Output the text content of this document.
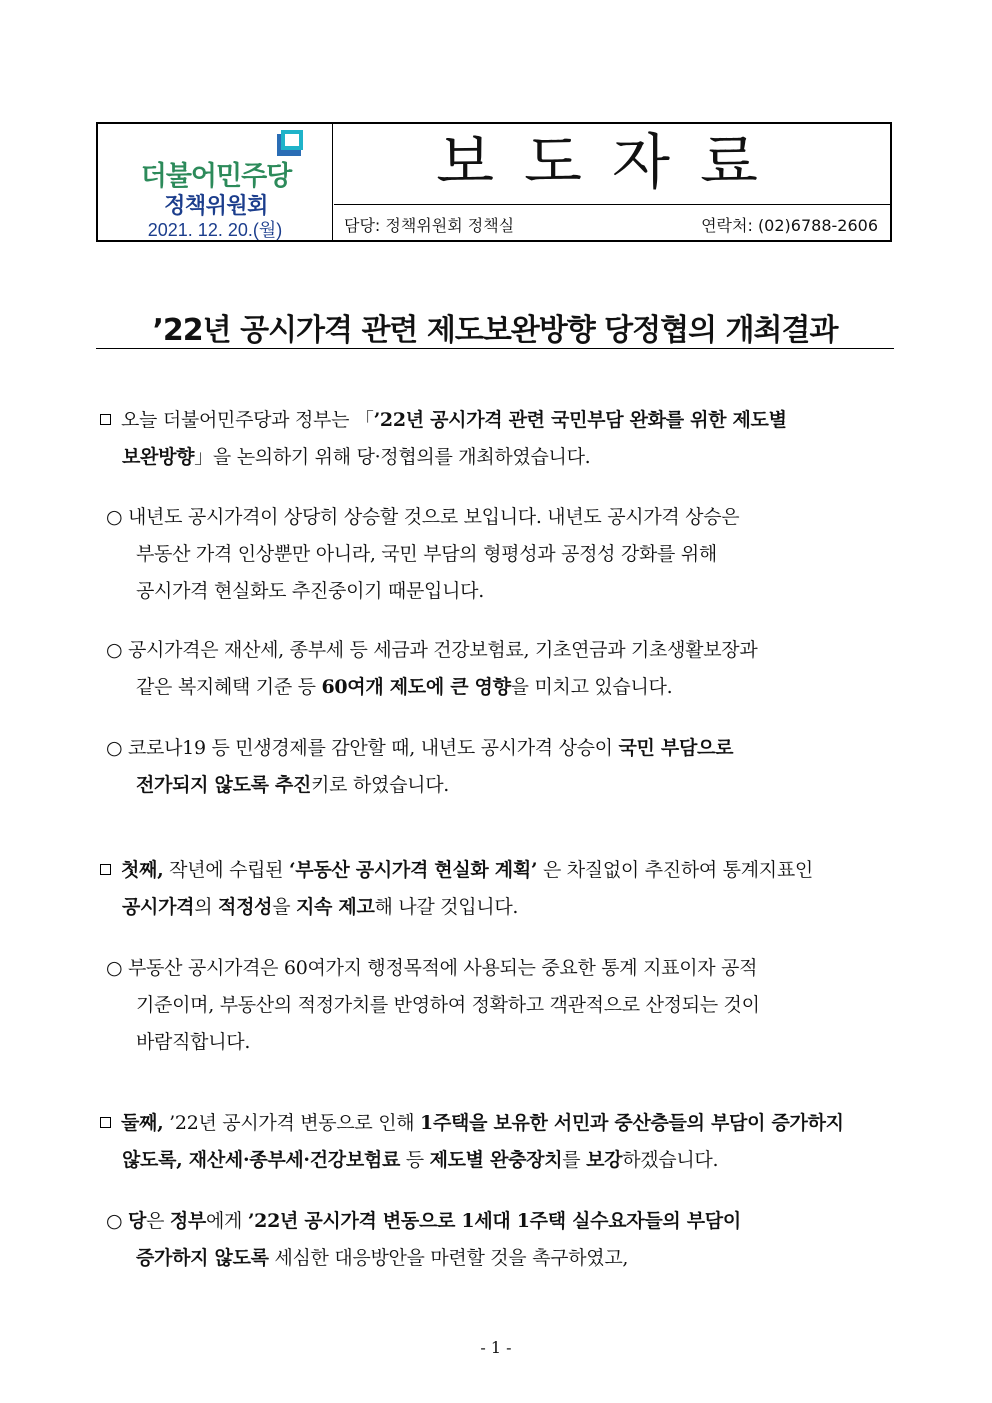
더불어민주당
정책위원회
2021. 12. 20.(월)
보도자료
담당: 정책위원회 정책실	연락처: (02)6788-2606
’22년 공시가격 관련 제도보완방향 당정협의 개최결과
오늘 더불어민주당과 정부는 「’22년 공시가격 관련 국민부담 완화를 위한 제도별
보완방향」을 논의하기 위해 당·정협의를 개최하였습니다.
○ 내년도 공시가격이 상당히 상승할 것으로 보입니다. 내년도 공시가격 상승은
부동산 가격 인상뿐만 아니라, 국민 부담의 형평성과 공정성 강화를 위해
공시가격 현실화도 추진중이기 때문입니다.
○ 공시가격은 재산세, 종부세 등 세금과 건강보험료, 기초연금과 기초생활보장과
같은 복지혜택 기준 등 60여개 제도에 큰 영향을 미치고 있습니다.
○ 코로나19 등 민생경제를 감안할 때, 내년도 공시가격 상승이 국민 부담으로
전가되지 않도록 추진키로 하였습니다.
첫째, 작년에 수립된 ‘부동산 공시가격 현실화 계획’ 은 차질없이 추진하여 통계지표인
공시가격의 적정성을 지속 제고해 나갈 것입니다.
○ 부동산 공시가격은 60여가지 행정목적에 사용되는 중요한 통계 지표이자 공적
기준이며, 부동산의 적정가치를 반영하여 정확하고 객관적으로 산정되는 것이
바람직합니다.
둘째, ’22년 공시가격 변동으로 인해 1주택을 보유한 서민과 중산층들의 부담이 증가하지
않도록, 재산세·종부세·건강보험료 등 제도별 완충장치를 보강하겠습니다.
○ 당은 정부에게 ’22년 공시가격 변동으로 1세대 1주택 실수요자들의 부담이
증가하지 않도록 세심한 대응방안을 마련할 것을 촉구하였고,
- 1 -
